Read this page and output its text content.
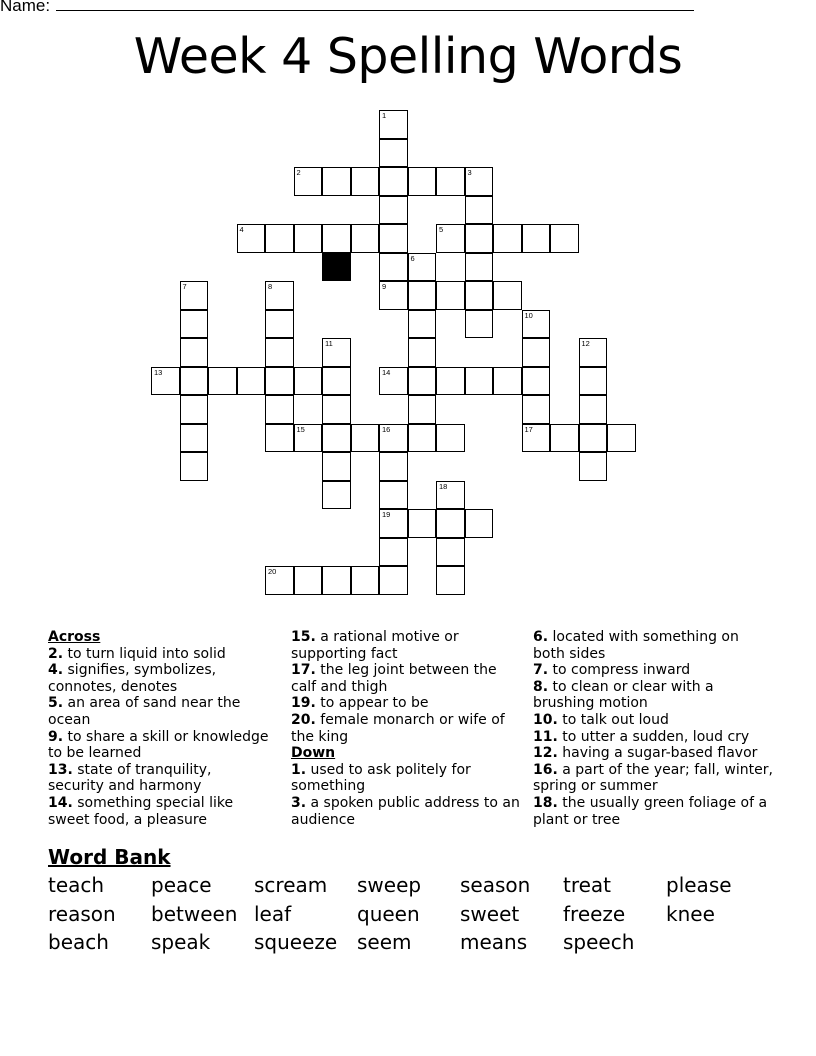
Name:
Week 4 Spelling Words
1
2	3
4	5
6
7	8	9
10
17
11	12
13	14
15	16
19
18
20
Across
2. to turn liquid into solid
4. signifies, symbolizes, connotes, denotes
5. an area of sand near the ocean
9. to share a skill or knowledge to be learned
13. state of tranquility, security and harmony
14. something special like sweet food, a pleasure
15. a rational motive or supporting fact
17. the leg joint between the calf and thigh
19. to appear to be
20. female monarch or wife of the king
Down
1. used to ask politely for something
3. a spoken public address to an audience
6. located with something on both sides
7. to compress inward
8. to clean or clear with a brushing motion
10. to talk out loud
11. to utter a sudden, loud cry
12. having a sugar-based flavor
16. a part of the year; fall, winter, spring or summer
18. the usually green foliage of a plant or tree
Word Bank
teach	peace	scream	sweep	season	treat	please
reason	between leaf	queen	sweet	freeze	knee
beach	speak	squeeze seem	means	speech
